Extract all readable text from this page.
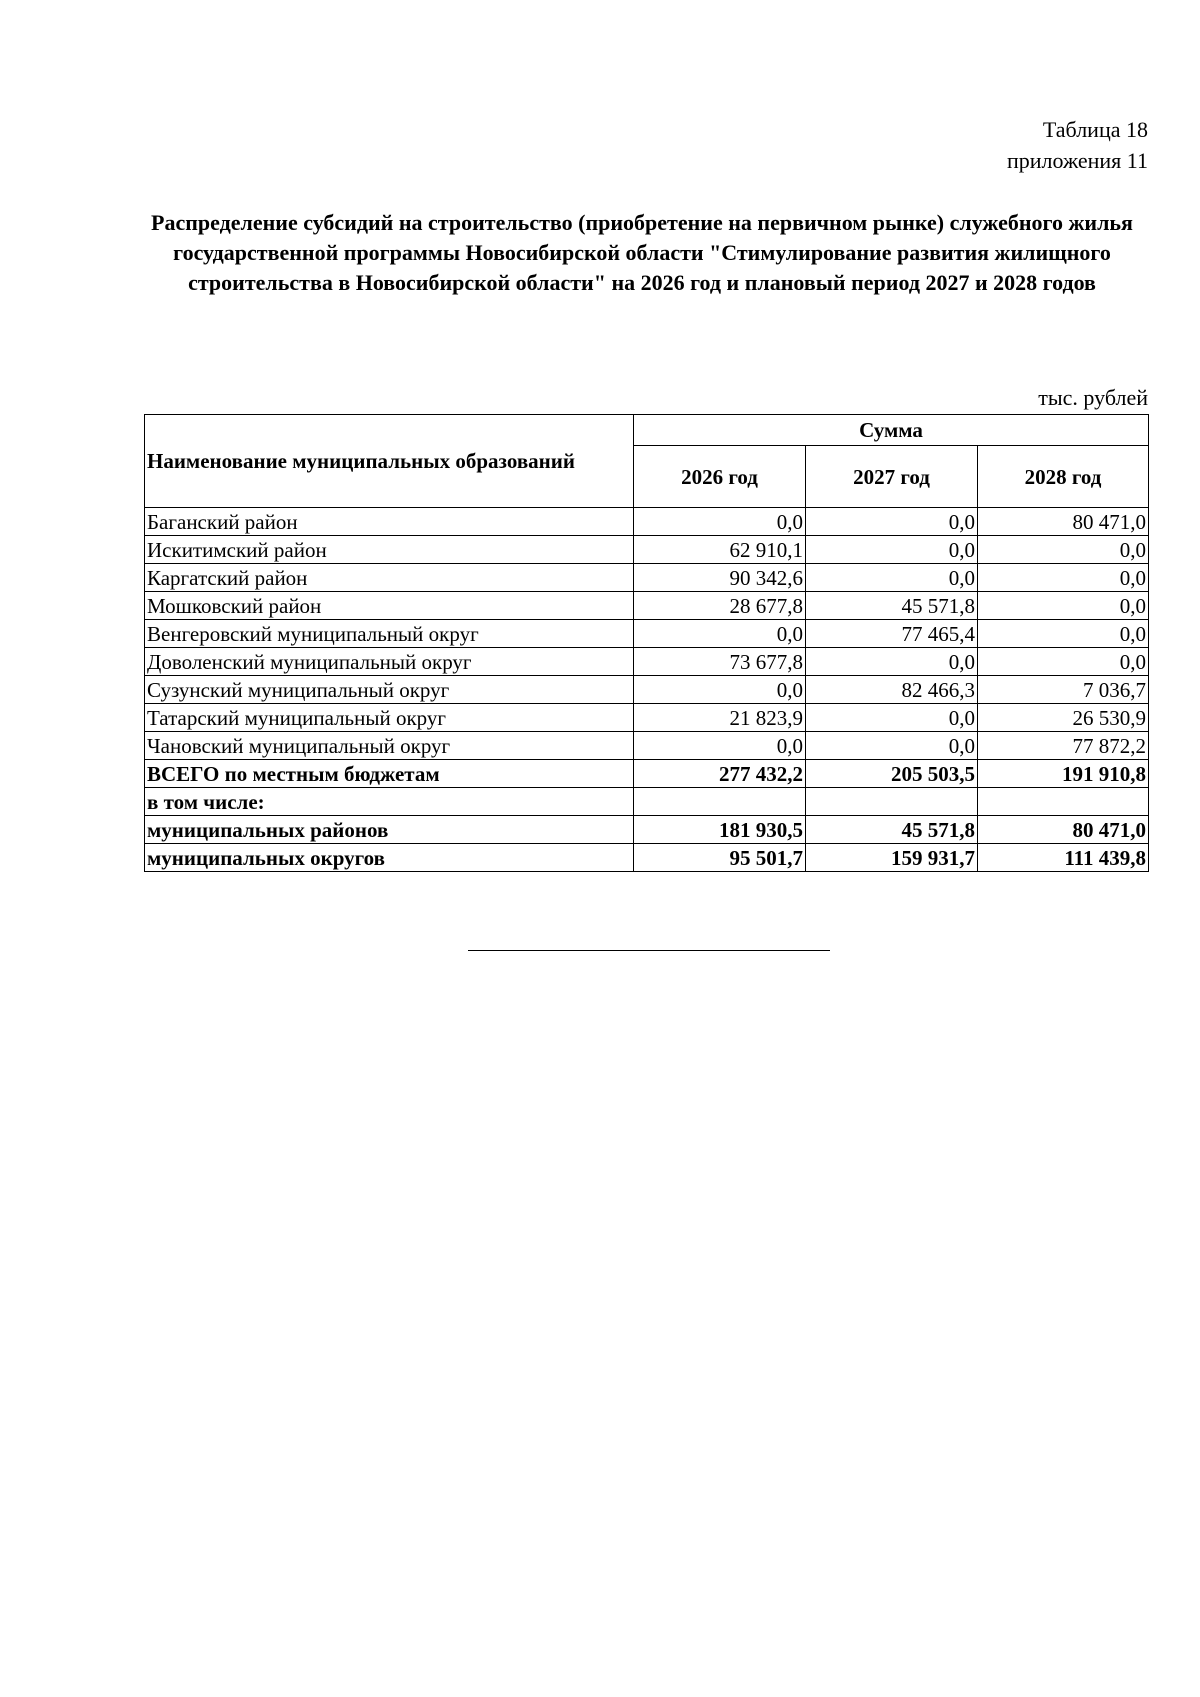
Таблица 18
приложения 11
Распределение субсидий на строительство (приобретение на первичном рынке) служебного жилья государственной программы Новосибирской области "Стимулирование развития жилищного строительства в Новосибирской области" на 2026 год и плановый период 2027 и 2028 годов
тыс. рублей
Наименование муниципальных образований	Сумма		
	2026 год	2027 год	2028 год
Баганский район	0,0	0,0	80 471,0
Искитимский район	62 910,1	0,0	0,0
Каргатский район	90 342,6	0,0	0,0
Мошковский район	28 677,8	45 571,8	0,0
Венгеровский муниципальный округ	0,0	77 465,4	0,0
Доволенский муниципальный округ	73 677,8	0,0	0,0
Сузунский муниципальный округ	0,0	82 466,3	7 036,7
Татарский муниципальный округ	21 823,9	0,0	26 530,9
Чановский муниципальный округ	0,0	0,0	77 872,2
ВСЕГО по местным бюджетам	277 432,2	205 503,5	191 910,8
в том числе:			
муниципальных районов	181 930,5	45 571,8	80 471,0
муниципальных округов	95 501,7	159 931,7	111 439,8
